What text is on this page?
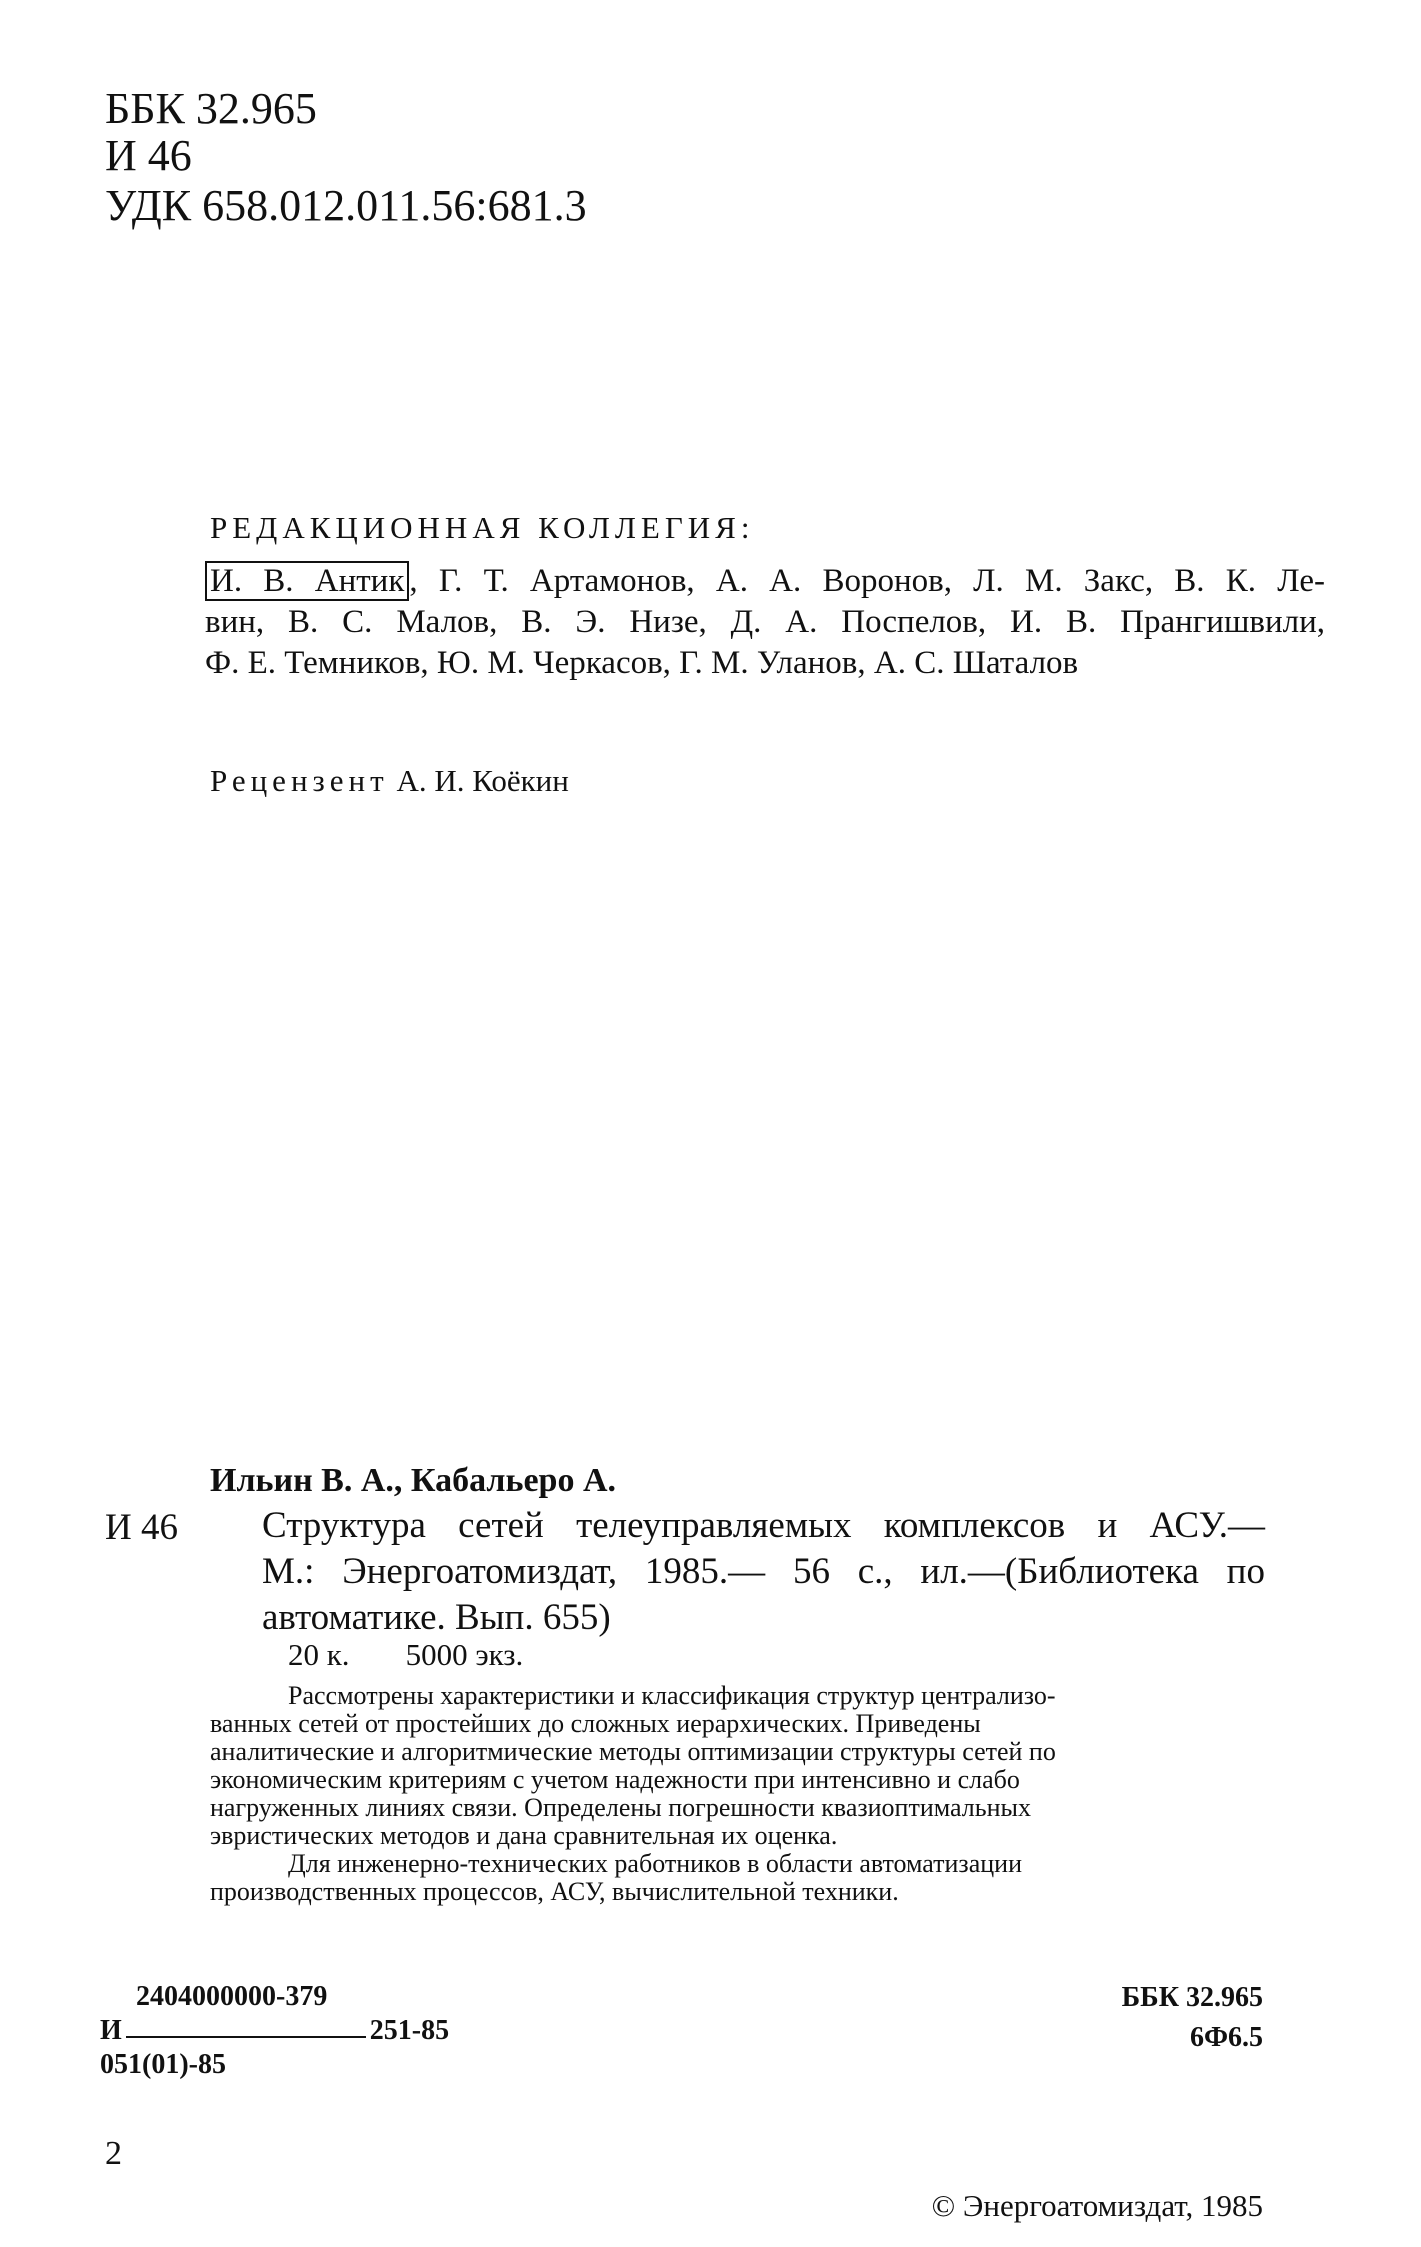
ББК 32.965
И 46
УДК 658.012.011.56:681.3
РЕДАКЦИОННАЯ КОЛЛЕГИЯ:

И. В. Антик , Г. Т. Артамонов, А. А. Воронов, Л. М. Закс, В. К. Ле-

вин, В. С. Малов, В. Э. Низе, Д. А. Поспелов, И. В. Прангишвили,

Ф. Е. Темников, Ю. М. Черкасов, Г. М. Уланов, А. С. Шаталов

Рецензент А. И. Коёкин
Ильин В. А., Кабальеро А.
И 46 Структура сетей телеуправляемых комплексов и АСУ.—

М.: Энергоатомиздат, 1985.— 56 с., ил.—(Библиотека по

автоматике. Вып. 655)

20 к. 5000 экз.

Рассмотрены характеристики и классификация структур централизо-

ванных сетей от простейших до сложных иерархических. Приведены

аналитические и алгоритмические методы оптимизации структуры сетей по

экономическим критериям с учетом надежности при интенсивно и слабо

нагруженных линиях связи. Определены погрешности квазиоптимальных

эвристических методов и дана сравнительная их оценка.

Для инженерно-технических работников в области автоматизации

производственных процессов, АСУ, вычислительной техники.

2404000000-379
И	251-85
051(01)-85
ББК 32.965
6Ф6.5
© Энергоатомиздат, 1985
2
